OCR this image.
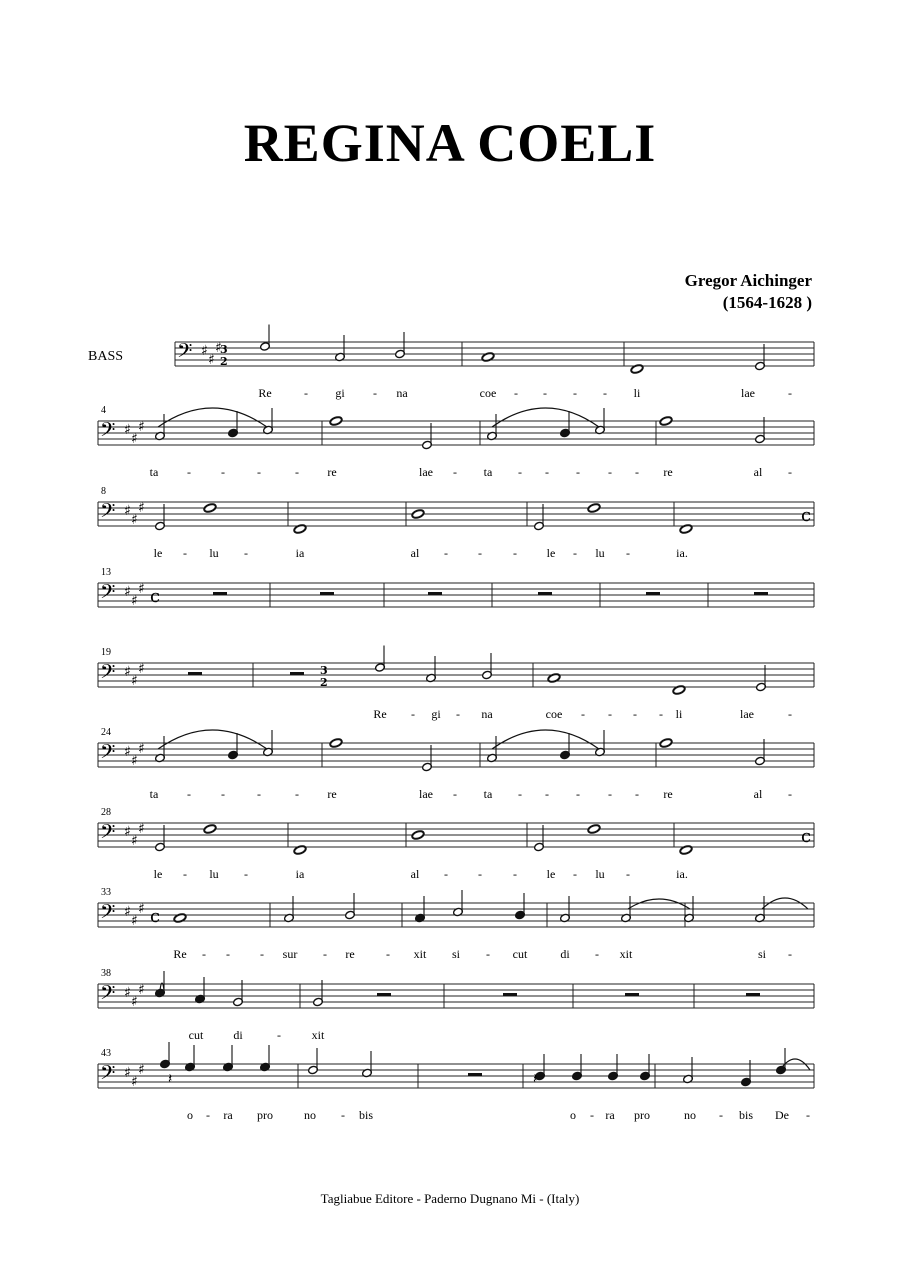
REGINA COELI
Gregor Aichinger
(1564-1628 )
BASS 𝄢 ♯
♯
♯
3
2
Re	- gi - na	coe - - - - li	lae	-
𝄢 ♯
♯
♯
4
ta -	-	-	- re	lae - ta - - - - - re	al -
𝄢 ♯
♯
♯	c
8
le - lu -	ia	al -	-	- le - lu -	ia.
𝄢 ♯
♯
♯ c
13
𝄢 ♯
♯
♯	3
2
19
Re - gi - na	coe - - - - li	lae	-
𝄢 ♯
♯
♯
24
ta -	-	-	- re	lae - ta - - - - - re	al -
𝄢 ♯
♯
♯	c
28
le - lu -	ia	al -	-	- le - lu -	ia.
𝄢 ♯
♯
♯ c
33
Re - -	- sur - re	- xit si - cut	di - xit	si -
𝄢 ♯
♯
♯
38
cut di	-	xit
𝄢 ♯
♯
♯
43
𝄽	𝄽
o - ra pro	no - bis	o - ra pro	no - bis De -
Tagliabue Editore - Paderno Dugnano Mi - (Italy)
